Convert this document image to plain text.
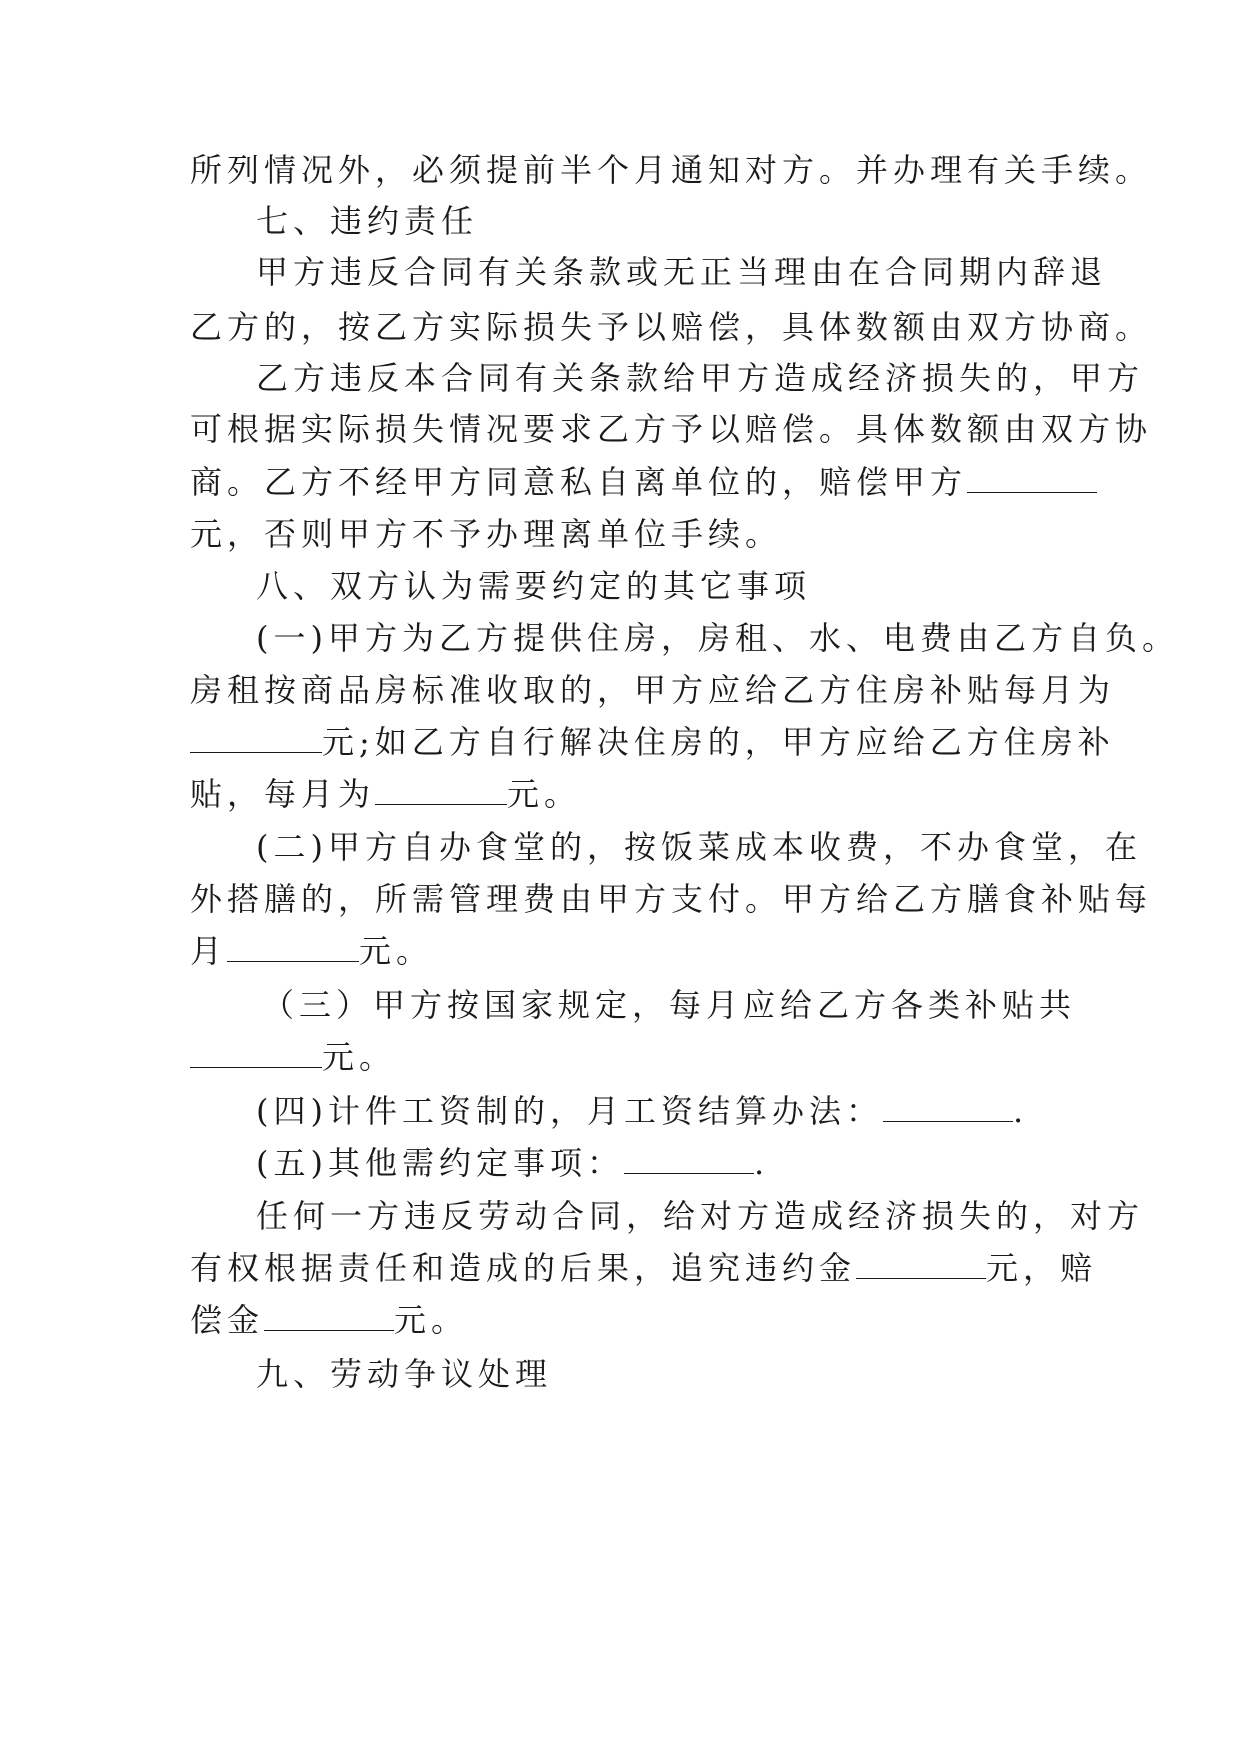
所列情况外，必须提前半个月通知对方。并办理有关手续。
七、违约责任
甲方违反合同有关条款或无正当理由在合同期内辞退
乙方的，按乙方实际损失予以赔偿，具体数额由双方协商。
乙方违反本合同有关条款给甲方造成经济损失的，甲方
可根据实际损失情况要求乙方予以赔偿。具体数额由双方协
商。乙方不经甲方同意私自离单位的，赔偿甲方
元，否则甲方不予办理离单位手续。
八、双方认为需要约定的其它事项
(一)甲方为乙方提供住房，房租、水、电费由乙方自负。
房租按商品房标准收取的，甲方应给乙方住房补贴每月为
元;如乙方自行解决住房的，甲方应给乙方住房补
贴，每月为	元。
(二)甲方自办食堂的，按饭菜成本收费，不办食堂，在
外搭膳的，所需管理费由甲方支付。甲方给乙方膳食补贴每
月	元。
（三）甲方按国家规定，每月应给乙方各类补贴共
元。
(四)计件工资制的，月工资结算办法：	.
(五)其他需约定事项：	.
任何一方违反劳动合同，给对方造成经济损失的，对方
有权根据责任和造成的后果，追究违约金	元，赔
偿金	元。
九、劳动争议处理
